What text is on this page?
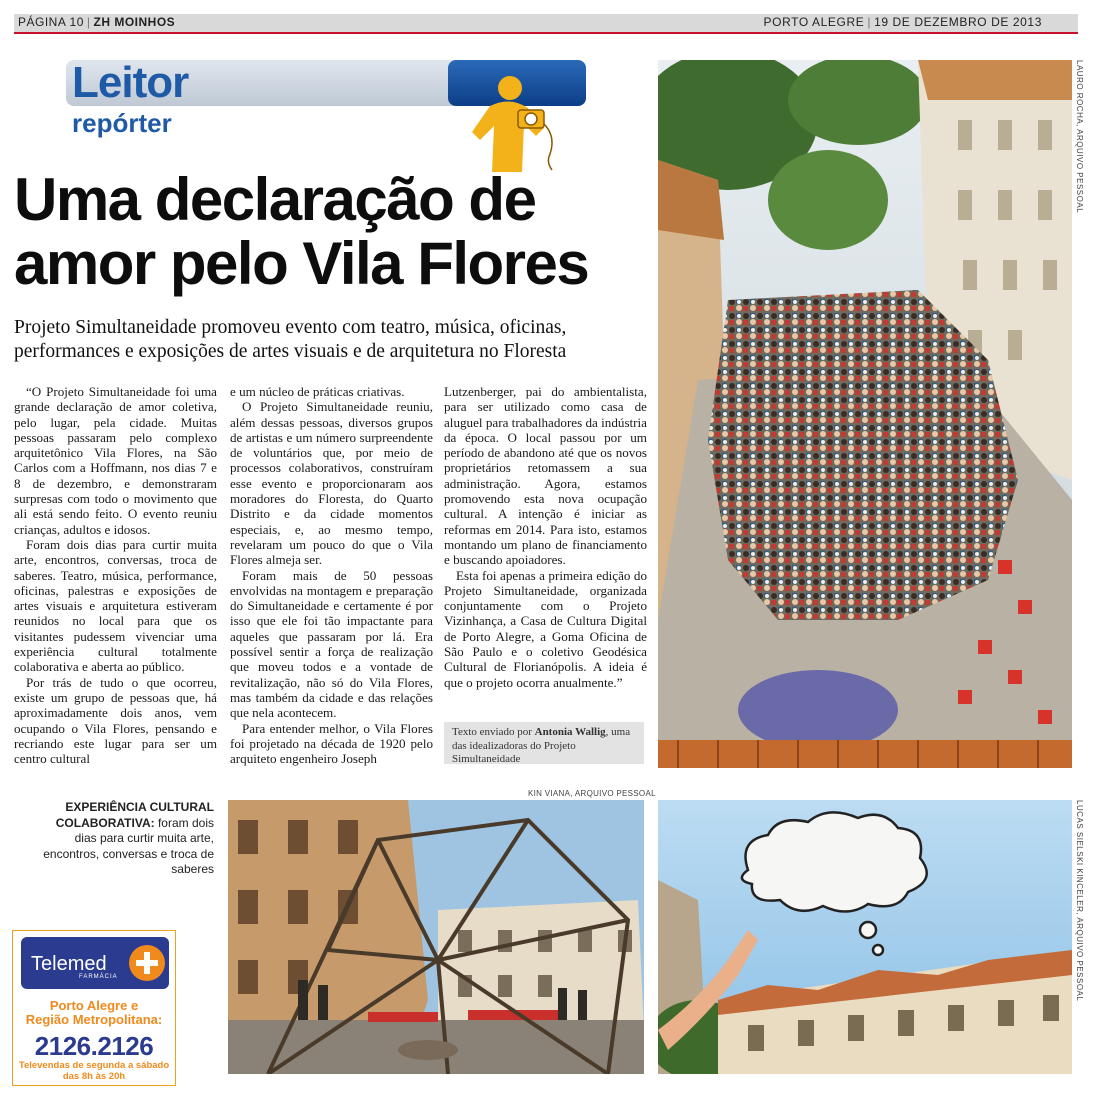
PÁGINA 10 | ZH MOINHOS	PORTO ALEGRE | 19 DE DEZEMBRO DE 2013
Leitor
repórter
Uma declaração de
amor pelo Vila Flores
Projeto Simultaneidade promoveu evento com teatro, música, oficinas,
performances e exposições de artes visuais e de arquitetura no Floresta

“O Projeto Simultaneidade foi uma grande declaração de amor coletiva, pelo lugar, pela cidade. Muitas pessoas passaram pelo complexo arquitetônico Vila Flores, na São Carlos com a Hoffmann, nos dias 7 e 8 de dezembro, e demonstraram surpresas com todo o movimento que ali está sendo feito. O evento reuniu crianças, adultos e idosos.

Foram dois dias para curtir muita arte, encontros, conversas, troca de saberes. Teatro, música, performance, oficinas, palestras e exposições de artes visuais e arquitetura estiveram reunidos no local para que os visitantes pudessem vivenciar uma experiência cultural totalmente colaborativa e aberta ao público.

Por trás de tudo o que ocorreu, existe um grupo de pessoas que, há aproximadamente dois anos, vem ocupando o Vila Flores, pensando e recriando este lugar para ser um centro cultural

e um núcleo de práticas criativas.

O Projeto Simultaneidade reuniu, além dessas pessoas, diversos grupos de artistas e um número surpreendente de voluntários que, por meio de processos colaborativos, construíram esse evento e proporcionaram aos moradores do Floresta, do Quarto Distrito e da cidade momentos especiais, e, ao mesmo tempo, revelaram um pouco do que o Vila Flores almeja ser.

Foram mais de 50 pessoas envolvidas na montagem e preparação do Simultaneidade e certamente é por isso que ele foi tão impactante para aqueles que passaram por lá. Era possível sentir a força de realização que moveu todos e a vontade de revitalização, não só do Vila Flores, mas também da cidade e das relações que nela acontecem.

Para entender melhor, o Vila Flores foi projetado na década de 1920 pelo arquiteto engenheiro Joseph

Lutzenberger, pai do ambientalista, para ser utilizado como casa de aluguel para trabalhadores da indústria da época. O local passou por um período de abandono até que os novos proprietários retomassem a sua administração. Agora, estamos promovendo esta nova ocupação cultural. A intenção é iniciar as reformas em 2014. Para isto, estamos montando um plano de financiamento e buscando apoiadores.

Esta foi apenas a primeira edição do Projeto Simultaneidade, organizada conjuntamente com o Projeto Vizinhança, a Casa de Cultura Digital de Porto Alegre, a Goma Oficina de São Paulo e o coletivo Geodésica Cultural de Florianópolis. A ideia é que o projeto ocorra anualmente.”

Texto enviado por Antonia Wallig, uma das idealizadoras do Projeto Simultaneidade
LAURO ROCHA, ARQUIVO PESSOAL
EXPERIÊNCIA CULTURAL COLABORATIVA: foram dois dias para curtir muita arte, encontros, conversas e troca de saberes
KIN VIANA, ARQUIVO PESSOAL
LUCAS SIELSKI KINCELER, ARQUIVO PESSOAL
Telemed
FARMÁCIA
Porto Alegre e
Região Metropolitana:
2126.2126
Televendas de segunda a sábado
das 8h às 20h
